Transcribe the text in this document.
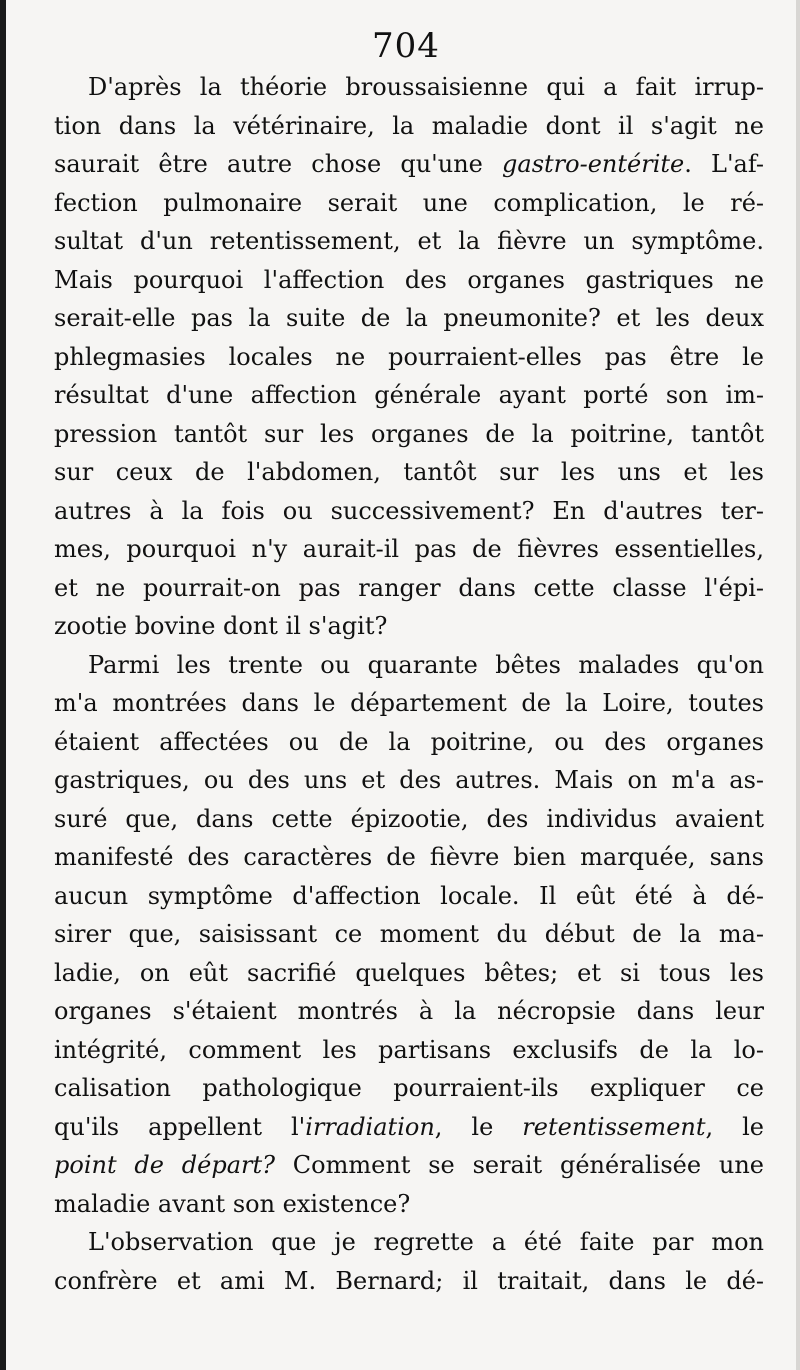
704
D'après la théorie broussaisienne qui a fait irrup-
tion dans la vétérinaire, la maladie dont il s'agit ne
saurait être autre chose qu'une gastro-entérite. L'af-
fection pulmonaire serait une complication, le ré-
sultat d'un retentissement, et la fièvre un symptôme.
Mais pourquoi l'affection des organes gastriques ne
serait-elle pas la suite de la pneumonite? et les deux
phlegmasies locales ne pourraient-elles pas être le
résultat d'une affection générale ayant porté son im-
pression tantôt sur les organes de la poitrine, tantôt
sur ceux de l'abdomen, tantôt sur les uns et les
autres à la fois ou successivement? En d'autres ter-
mes, pourquoi n'y aurait-il pas de fièvres essentielles,
et ne pourrait-on pas ranger dans cette classe l'épi-
zootie bovine dont il s'agit?
Parmi les trente ou quarante bêtes malades qu'on
m'a montrées dans le département de la Loire, toutes
étaient affectées ou de la poitrine, ou des organes
gastriques, ou des uns et des autres. Mais on m'a as-
suré que, dans cette épizootie, des individus avaient
manifesté des caractères de fièvre bien marquée, sans
aucun symptôme d'affection locale. Il eût été à dé-
sirer que, saisissant ce moment du début de la ma-
ladie, on eût sacrifié quelques bêtes; et si tous les
organes s'étaient montrés à la nécropsie dans leur
intégrité, comment les partisans exclusifs de la lo-
calisation pathologique pourraient-ils expliquer ce
qu'ils appellent l'irradiation, le retentissement, le
point de départ? Comment se serait généralisée une
maladie avant son existence?
L'observation que je regrette a été faite par mon
confrère et ami M. Bernard; il traitait, dans le dé-
